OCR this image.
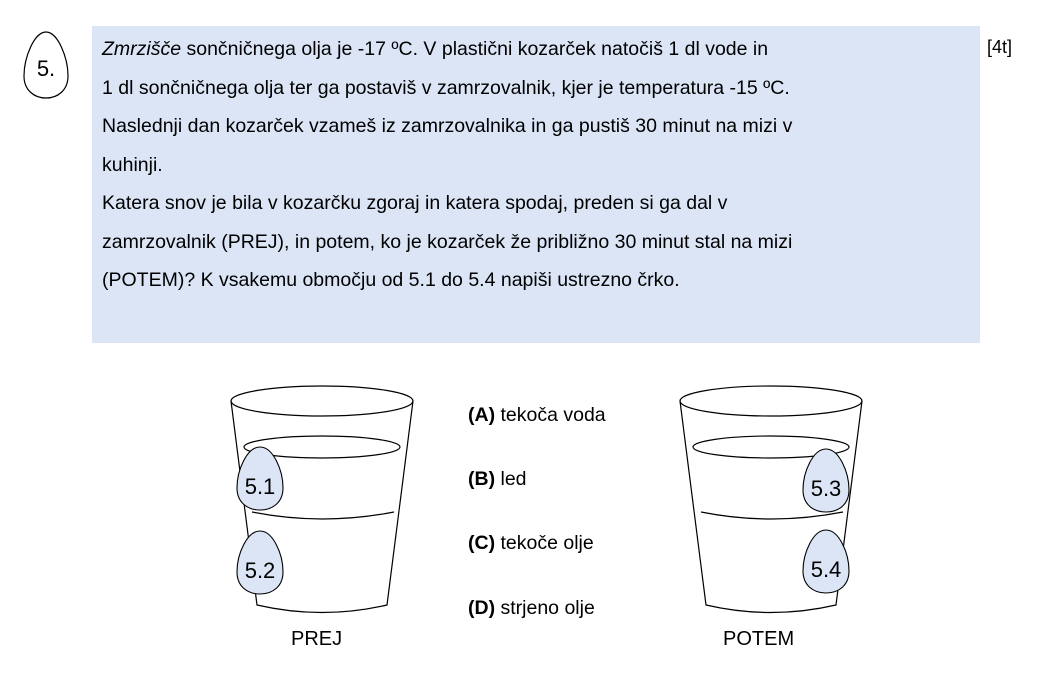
5.
[4t]

Zmrzišče sončničnega olja je -17 ºC. V plastični kozarček natočiš 1 dl vode in

1 dl sončničnega olja ter ga postaviš v zamrzovalnik, kjer je temperatura -15 ºC.

Naslednji dan kozarček vzameš iz zamrzovalnika in ga pustiš 30 minut na mizi v

kuhinji.

Katera snov je bila v kozarčku zgoraj in katera spodaj, preden si ga dal v

zamrzovalnik (PREJ), in potem, ko je kozarček že približno 30 minut stal na mizi

(POTEM)? K vsakemu območju od 5.1 do 5.4 napiši ustrezno črko.

5.1
5.2
5.3
5.4
PREJ	POTEM
(A) tekoča voda
(B) led
(C) tekoče olje
(D) strjeno olje
